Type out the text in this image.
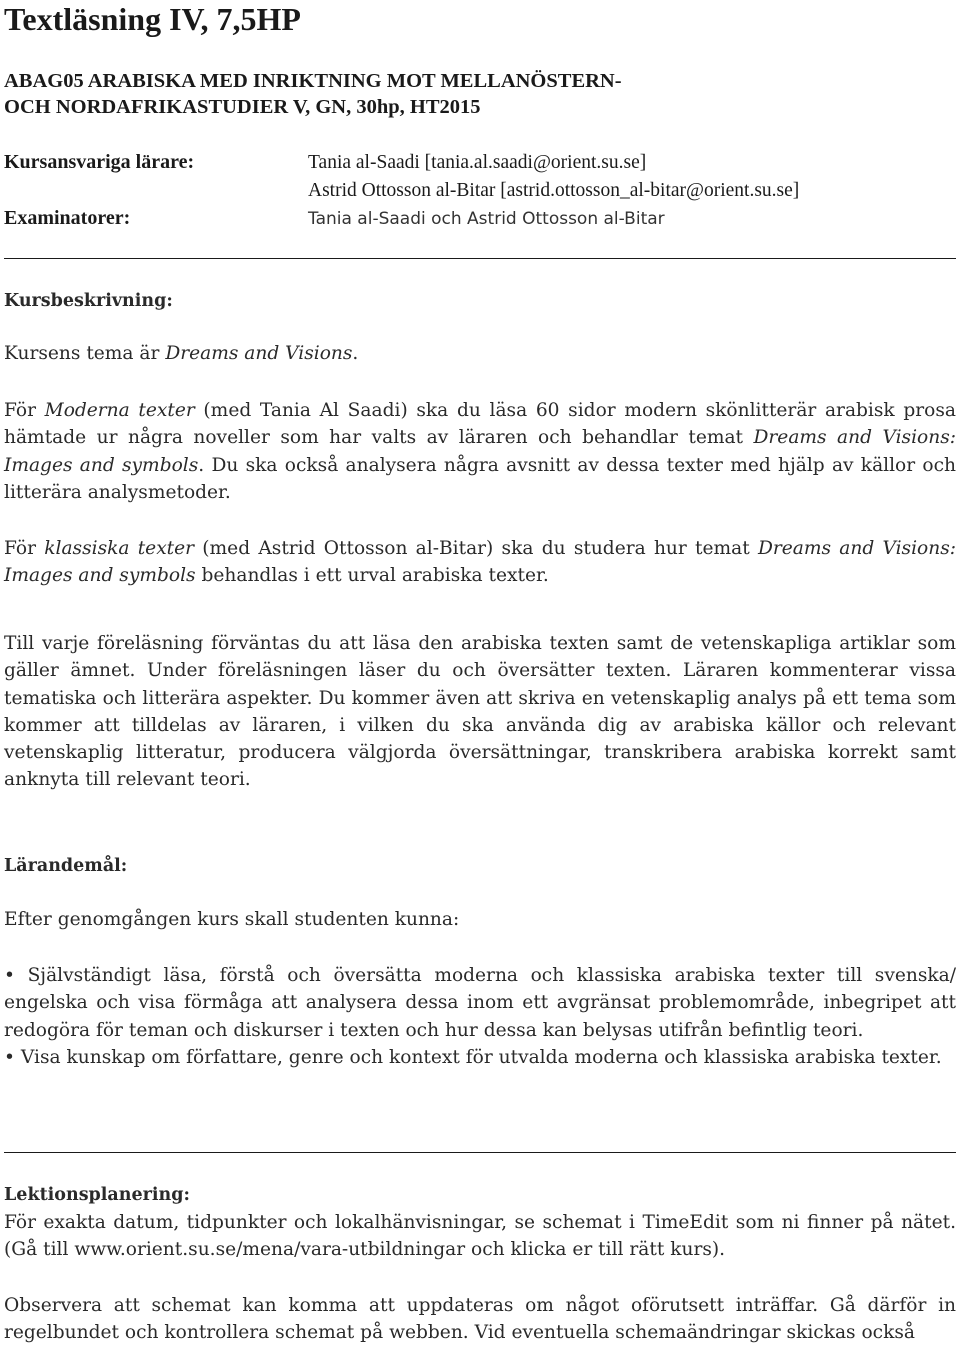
Textläsning IV, 7,5HP
ABAG05 ARABISKA MED INRIKTNING MOT MELLANÖSTERN-
OCH NORDAFRIKASTUDIER V, GN, 30hp, HT2015
Kursansvariga lärare:	Tania al-Saadi [tania.al.saadi@orient.su.se]
Astrid Ottosson al-Bitar [astrid.ottosson_al-bitar@orient.su.se]
Examinatorer:	Tania al-Saadi och Astrid Ottosson al-Bitar
Kursbeskrivning:
Kursens tema är Dreams and Visions.

För Moderna texter (med Tania Al Saadi) ska du läsa 60 sidor modern skönlitterär arabisk prosa hämtade ur några noveller som har valts av läraren och behandlar temat Dreams and Visions: Images and symbols. Du ska också analysera några avsnitt av dessa texter med hjälp av källor och litterära analysmetoder.

För klassiska texter (med Astrid Ottosson al-Bitar) ska du studera hur temat Dreams and Visions: Images and symbols behandlas i ett urval arabiska texter.

Till varje föreläsning förväntas du att läsa den arabiska texten samt de vetenskapliga artiklar som gäller ämnet. Under föreläsningen läser du och översätter texten. Läraren kommenterar vissa tematiska och litterära aspekter. Du kommer även att skriva en vetenskaplig analys på ett tema som kommer att tilldelas av läraren, i vilken du ska använda dig av arabiska källor och relevant vetenskaplig litteratur, producera välgjorda översättningar, transkribera arabiska korrekt samt anknyta till relevant teori.

Lärandemål:
Efter genomgången kurs skall studenten kunna:
• Självständigt läsa, förstå och översätta moderna och klassiska arabiska texter till svenska/ engelska och visa förmåga att analysera dessa inom ett avgränsat problemområde, inbegripet att redogöra för teman och diskurser i texten och hur dessa kan belysas utifrån befintlig teori.
• Visa kunskap om författare, genre och kontext för utvalda moderna och klassiska arabiska texter.
Lektionsplanering:

För exakta datum, tidpunkter och lokalhänvisningar, se schemat i TimeEdit som ni finner på nätet. (Gå till www.orient.su.se/mena/vara-utbildningar och klicka er till rätt kurs).

Observera att schemat kan komma att uppdateras om något oförutsett inträffar. Gå därför in regelbundet och kontrollera schemat på webben. Vid eventuella schemaändringar skickas också
